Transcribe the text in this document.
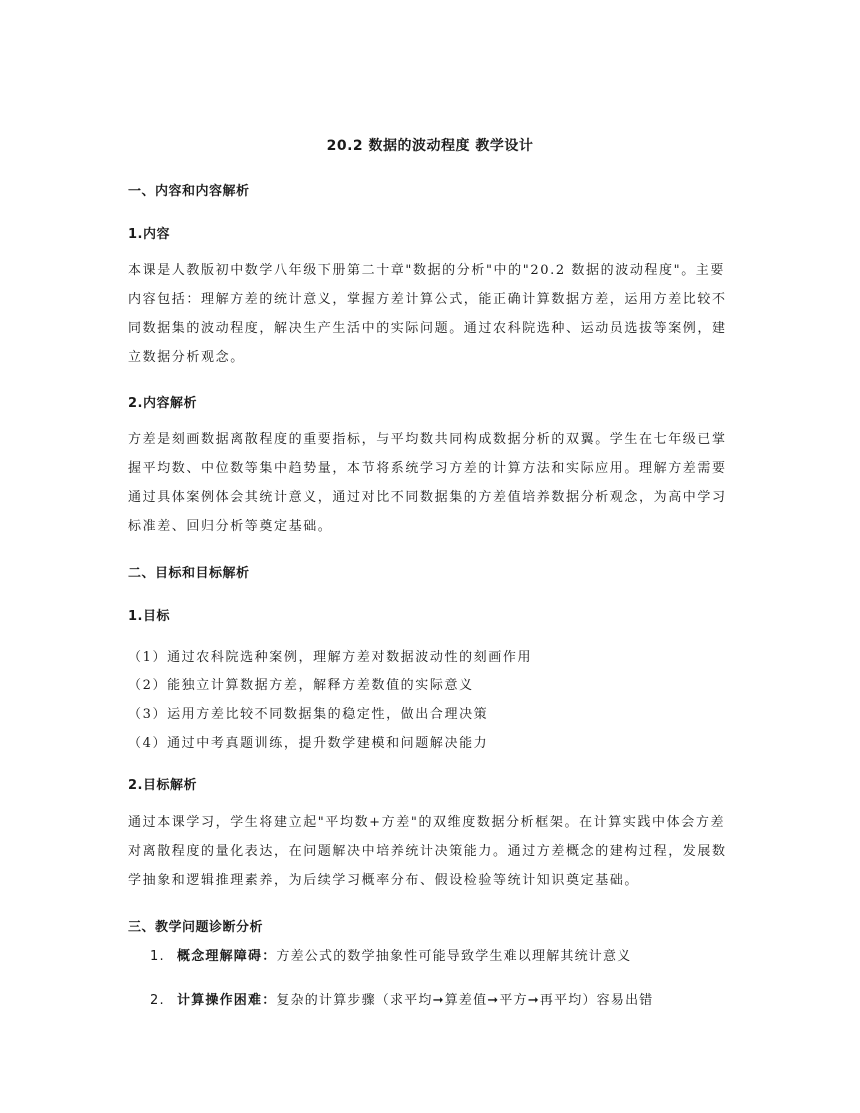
20.2 数据的波动程度 教学设计
一、内容和内容解析
1.内容

本课是人教版初中数学八年级下册第二十章"数据的分析"中的"20.2 数据的波动程度"。主要
内容包括：理解方差的统计意义，掌握方差计算公式，能正确计算数据方差，运用方差比较不
同数据集的波动程度，解决生产生活中的实际问题。通过农科院选种、运动员选拔等案例，建
立数据分析观念。

2.内容解析

方差是刻画数据离散程度的重要指标，与平均数共同构成数据分析的双翼。学生在七年级已掌
握平均数、中位数等集中趋势量，本节将系统学习方差的计算方法和实际应用。理解方差需要
通过具体案例体会其统计意义，通过对比不同数据集的方差值培养数据分析观念，为高中学习
标准差、回归分析等奠定基础。

二、目标和目标解析
1.目标
（1）通过农科院选种案例，理解方差对数据波动性的刻画作用
（2）能独立计算数据方差，解释方差数值的实际意义
（3）运用方差比较不同数据集的稳定性，做出合理决策
（4）通过中考真题训练，提升数学建模和问题解决能力
2.目标解析

通过本课学习，学生将建立起"平均数+方差"的双维度数据分析框架。在计算实践中体会方差
对离散程度的量化表达，在问题解决中培养统计决策能力。通过方差概念的建构过程，发展数
学抽象和逻辑推理素养，为后续学习概率分布、假设检验等统计知识奠定基础。

三、教学问题诊断分析
1. 概念理解障碍：方差公式的数学抽象性可能导致学生难以理解其统计意义
2. 计算操作困难：复杂的计算步骤（求平均➞算差值➞平方➞再平均）容易出错
